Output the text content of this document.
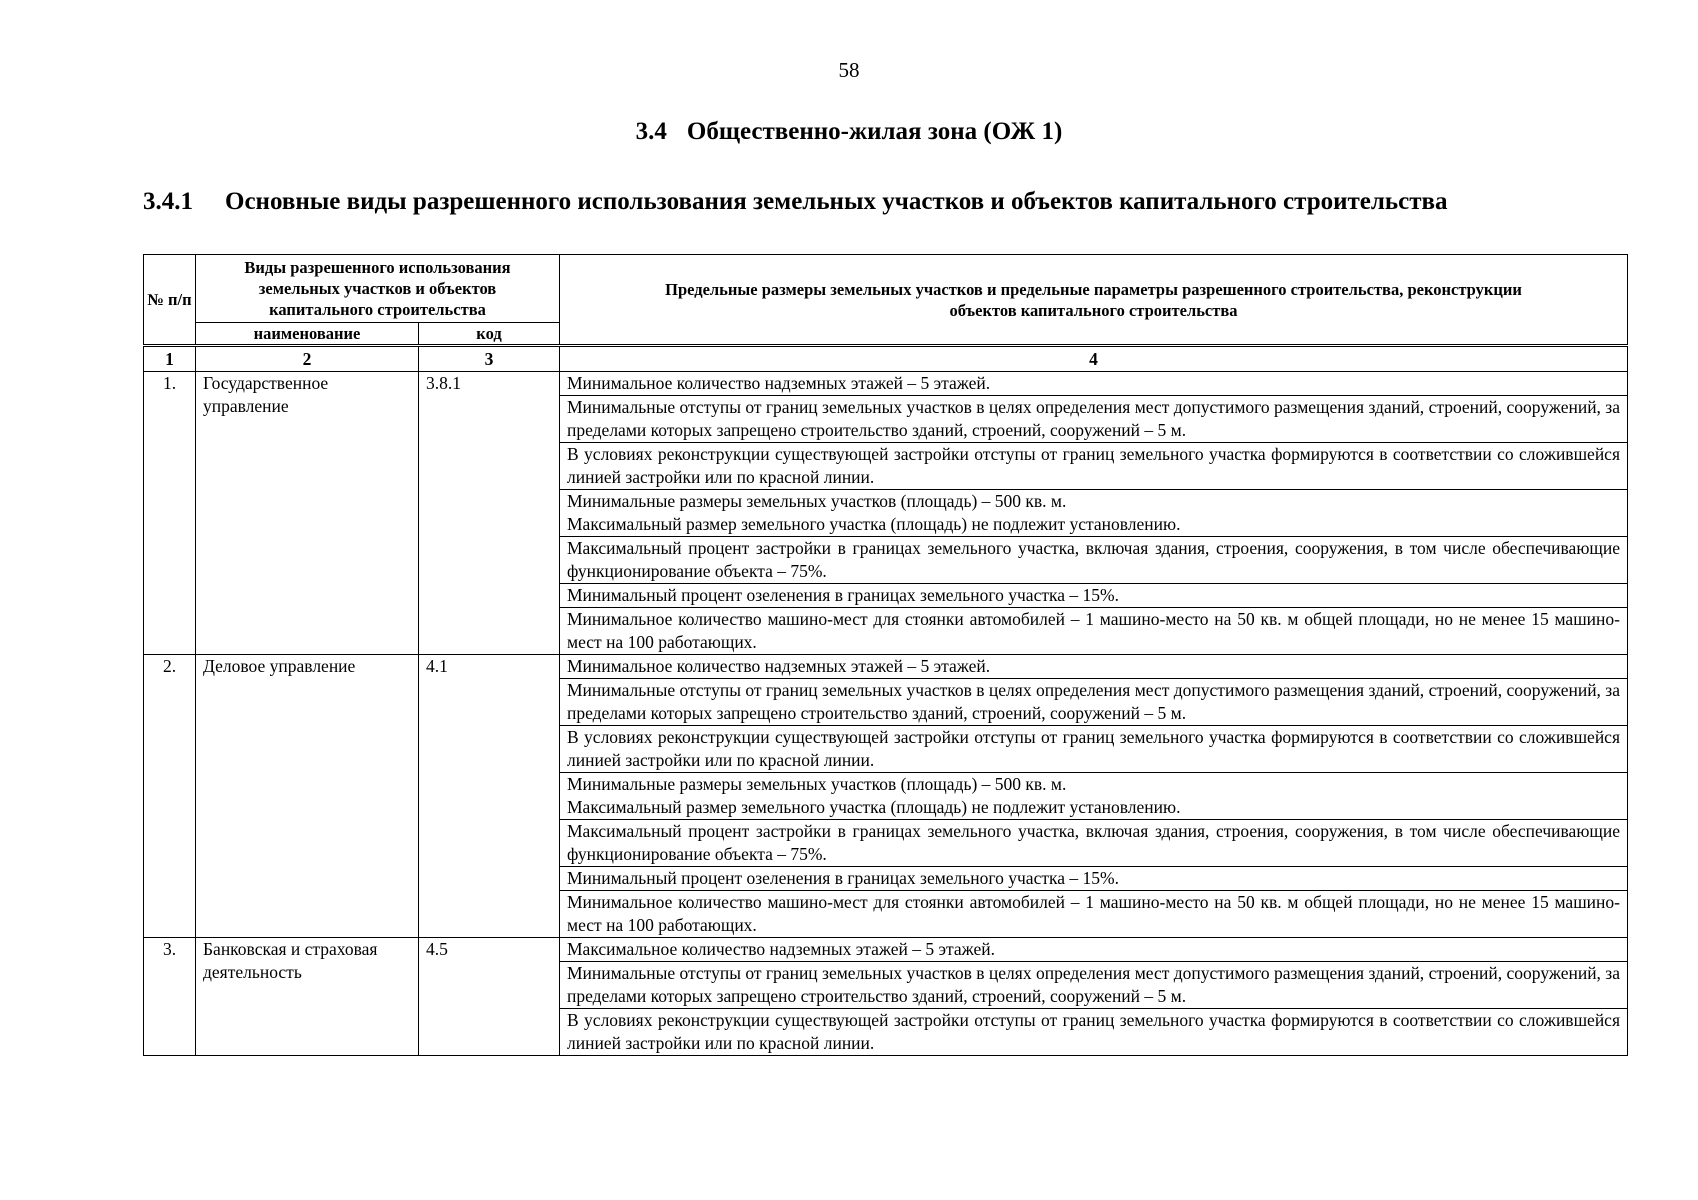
58
3.4 Общественно-жилая зона (ОЖ 1)
3.4.1 Основные виды разрешенного использования земельных участков и объектов капитального строительства
№ п/п	Виды разрешенного использования земельных участков и объектов капитального строительства		Предельные размеры земельных участков и предельные параметры разрешенного строительства, реконструкции объектов капитального строительства
	наименование	код	
1	2	3	4
1.	Государственное управление	3.8.1	Минимальное количество надземных этажей – 5 этажей.
			Минимальные отступы от границ земельных участков в целях определения мест допустимого размещения зданий, строений, сооружений, за пределами которых запрещено строительство зданий, строений, сооружений – 5 м.
			В условиях реконструкции существующей застройки отступы от границ земельного участка формируются в соответствии со сложившейся линией застройки или по красной линии.
			Минимальные размеры земельных участков (площадь) – 500 кв. м.
Максимальный размер земельного участка (площадь) не подлежит установлению.
			Максимальный процент застройки в границах земельного участка, включая здания, строения, сооружения, в том числе обеспечивающие функционирование объекта – 75%.
			Минимальный процент озеленения в границах земельного участка – 15%.
			Минимальное количество машино-мест для стоянки автомобилей – 1 машино-место на 50 кв. м общей площади, но не менее 15 машино-мест на 100 работающих.
2.	Деловое управление	4.1	Минимальное количество надземных этажей – 5 этажей.
			Минимальные отступы от границ земельных участков в целях определения мест допустимого размещения зданий, строений, сооружений, за пределами которых запрещено строительство зданий, строений, сооружений – 5 м.
			В условиях реконструкции существующей застройки отступы от границ земельного участка формируются в соответствии со сложившейся линией застройки или по красной линии.
			Минимальные размеры земельных участков (площадь) – 500 кв. м.
Максимальный размер земельного участка (площадь) не подлежит установлению.
			Максимальный процент застройки в границах земельного участка, включая здания, строения, сооружения, в том числе обеспечивающие функционирование объекта – 75%.
			Минимальный процент озеленения в границах земельного участка – 15%.
			Минимальное количество машино-мест для стоянки автомобилей – 1 машино-место на 50 кв. м общей площади, но не менее 15 машино-мест на 100 работающих.
3.	Банковская и страховая деятельность	4.5	Максимальное количество надземных этажей – 5 этажей.
			Минимальные отступы от границ земельных участков в целях определения мест допустимого размещения зданий, строений, сооружений, за пределами которых запрещено строительство зданий, строений, сооружений – 5 м.
			В условиях реконструкции существующей застройки отступы от границ земельного участка формируются в соответствии со сложившейся линией застройки или по красной линии.
